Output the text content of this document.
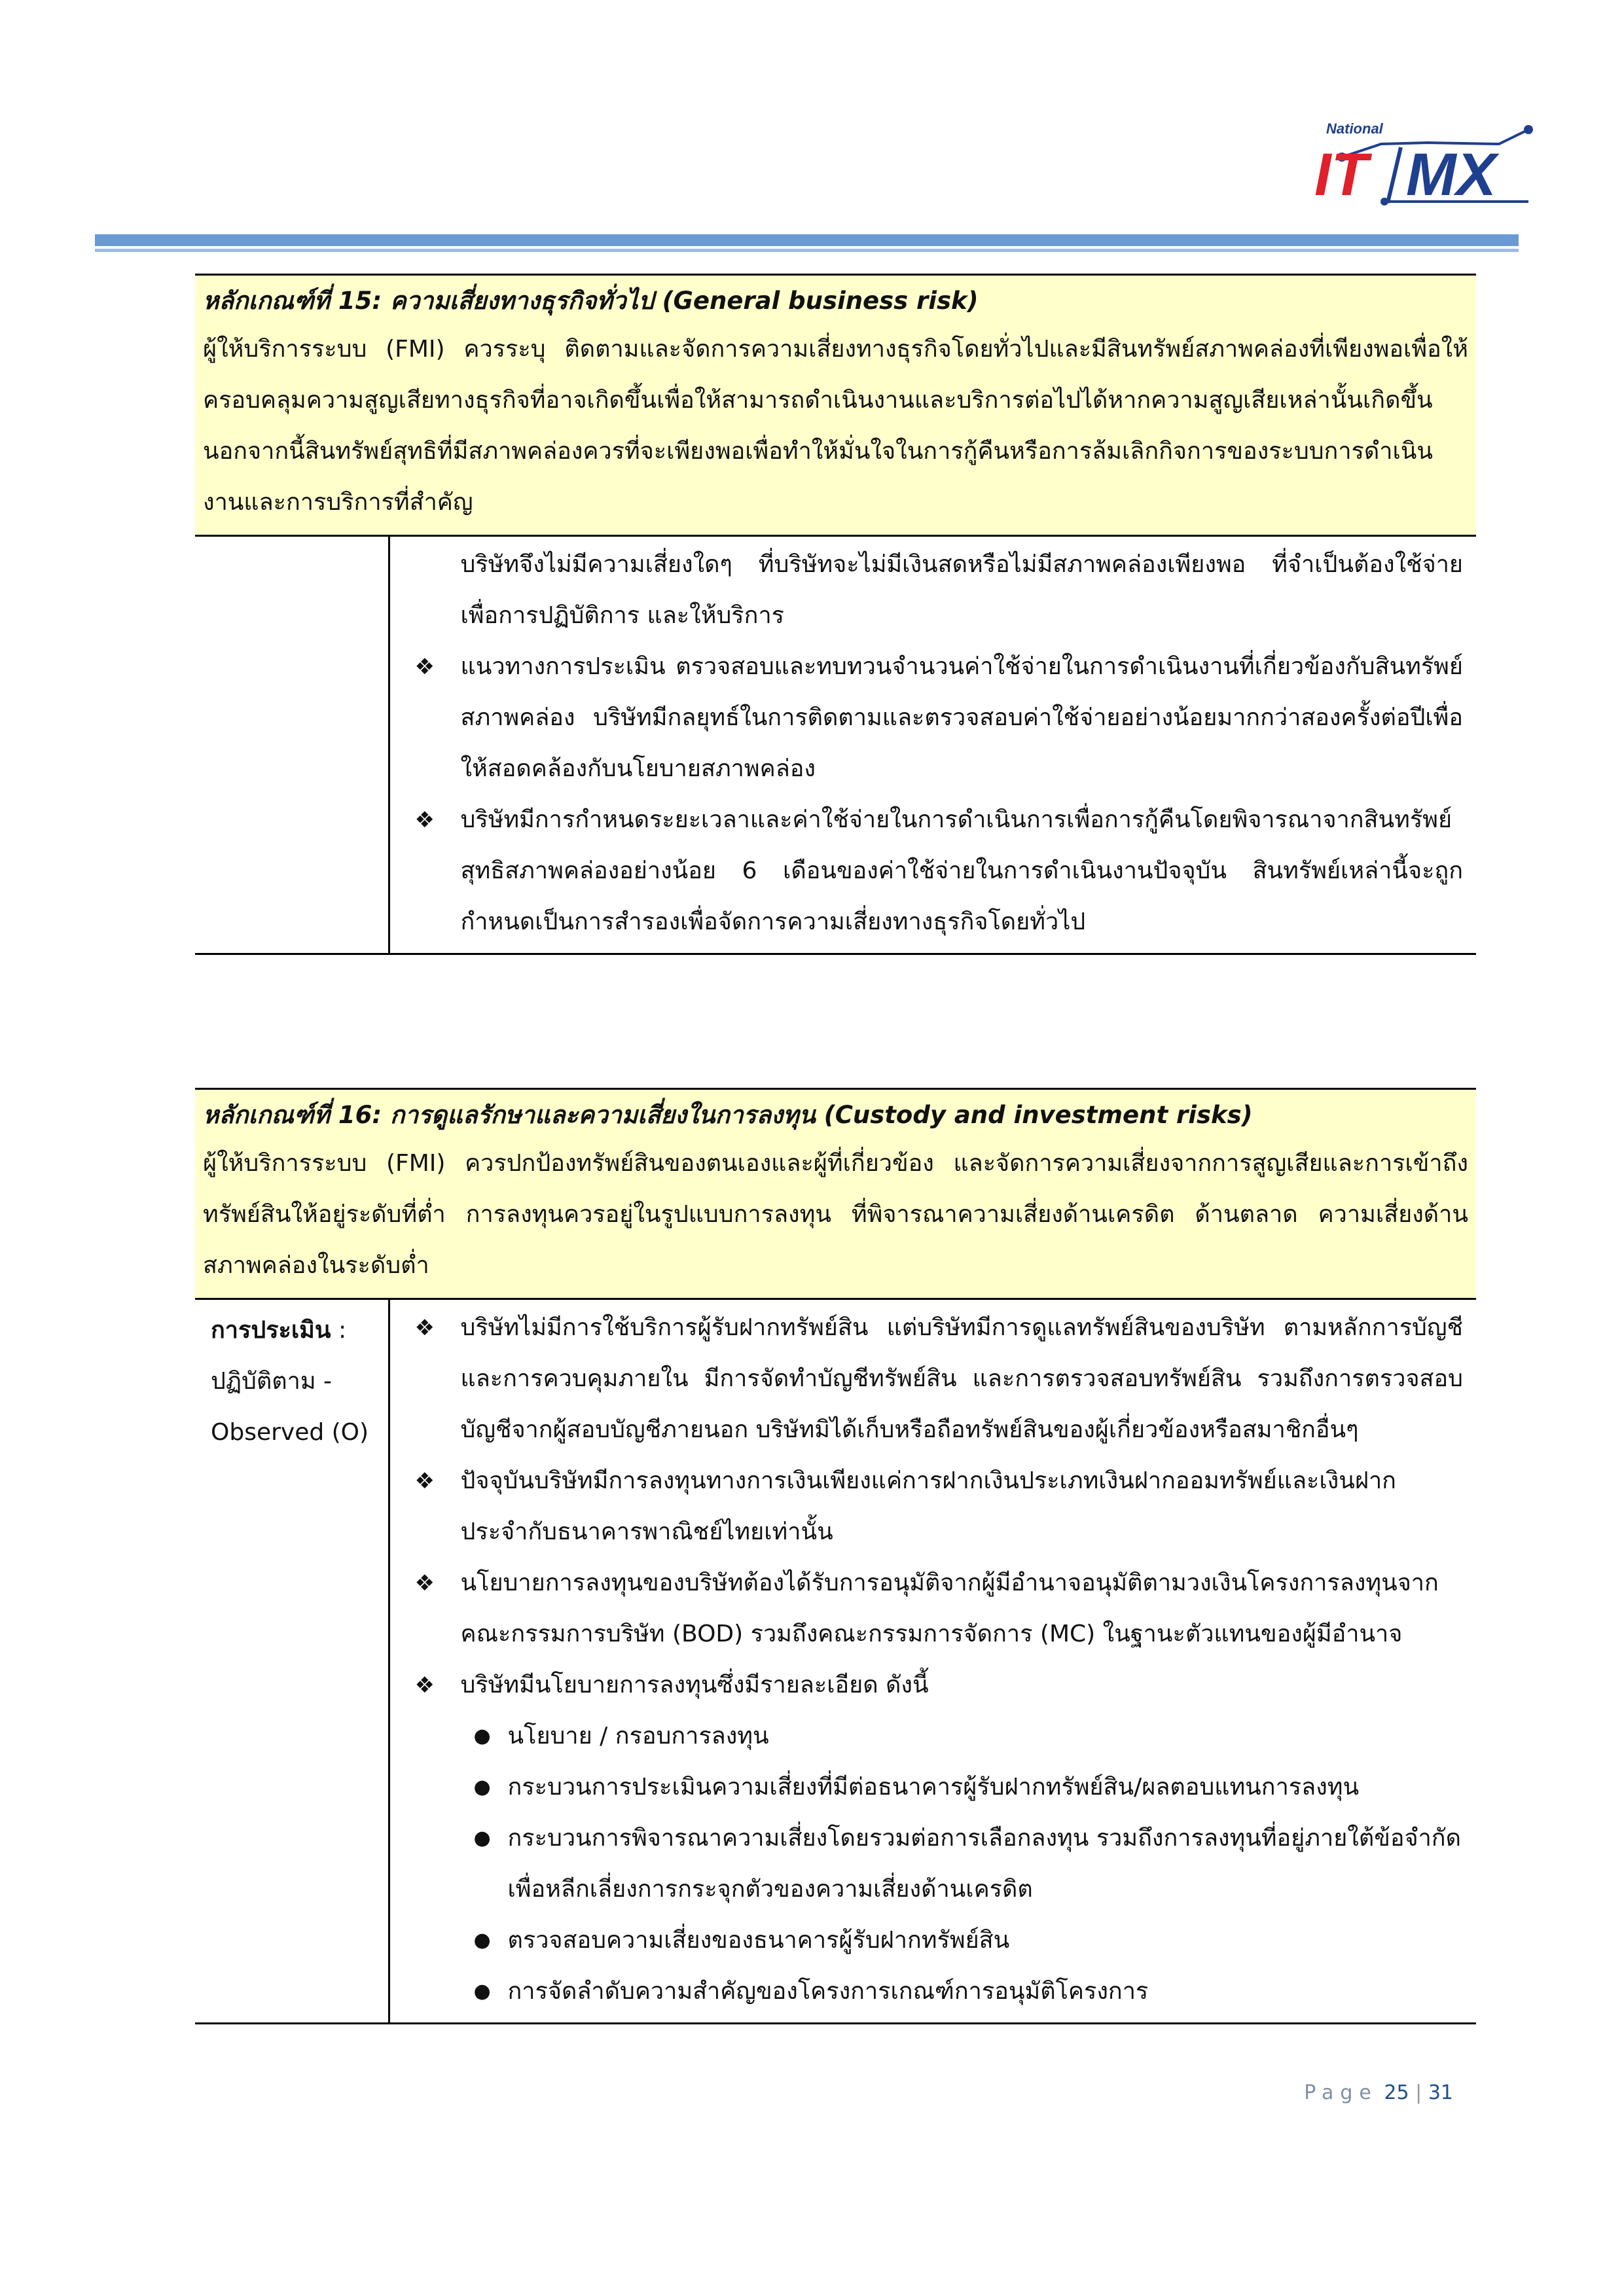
National
IT MX
หลักเกณฑ์ที่ 15: ความเสี่ยงทางธุรกิจทั่วไป (General business risk)
ผู้ให้บริการระบบ (FMI) ควรระบุ ติดตามและจัดการความเสี่ยงทางธุรกิจโดยทั่วไปและมีสินทรัพย์สภาพคล่องที่เพียงพอเพื่อให้ครอบคลุมความสูญเสียทางธุรกิจที่อาจเกิดขึ้นเพื่อให้สามารถดำเนินงานและบริการต่อไปได้หากความสูญเสียเหล่านั้นเกิดขึ้น นอกจากนี้สินทรัพย์สุทธิที่มีสภาพคล่องควรที่จะเพียงพอเพื่อทำให้มั่นใจในการกู้คืนหรือการล้มเลิกกิจการของระบบการดำเนินงานและการบริการที่สำคัญ

บริษัทจึงไม่มีความเสี่ยงใดๆ ที่บริษัทจะไม่มีเงินสดหรือไม่มีสภาพคล่องเพียงพอ ที่จำเป็นต้องใช้จ่ายเพื่อการปฏิบัติการ และให้บริการ
❖ แนวทางการประเมิน ตรวจสอบและทบทวนจำนวนค่าใช้จ่ายในการดำเนินงานที่เกี่ยวข้องกับสินทรัพย์สภาพคล่อง บริษัทมีกลยุทธ์ในการติดตามและตรวจสอบค่าใช้จ่ายอย่างน้อยมากกว่าสองครั้งต่อปีเพื่อให้สอดคล้องกับนโยบายสภาพคล่อง
❖ บริษัทมีการกำหนดระยะเวลาและค่าใช้จ่ายในการดำเนินการเพื่อการกู้คืนโดยพิจารณาจากสินทรัพย์สุทธิสภาพคล่องอย่างน้อย 6 เดือนของค่าใช้จ่ายในการดำเนินงานปัจจุบัน สินทรัพย์เหล่านี้จะถูกกำหนดเป็นการสำรองเพื่อจัดการความเสี่ยงทางธุรกิจโดยทั่วไป
หลักเกณฑ์ที่ 16: การดูแลรักษาและความเสี่ยงในการลงทุน (Custody and investment risks)
ผู้ให้บริการระบบ (FMI) ควรปกป้องทรัพย์สินของตนเองและผู้ที่เกี่ยวข้อง และจัดการความเสี่ยงจากการสูญเสียและการเข้าถึงทรัพย์สินให้อยู่ระดับที่ต่ำ การลงทุนควรอยู่ในรูปแบบการลงทุน ที่พิจารณาความเสี่ยงด้านเครดิต ด้านตลาด ความเสี่ยงด้านสภาพคล่องในระดับต่ำ

การประเมิน :
ปฏิบัติตาม -
Observed (O)

❖ บริษัทไม่มีการใช้บริการผู้รับฝากทรัพย์สิน แต่บริษัทมีการดูแลทรัพย์สินของบริษัท ตามหลักการบัญชีและการควบคุมภายใน มีการจัดทำบัญชีทรัพย์สิน และการตรวจสอบทรัพย์สิน รวมถึงการตรวจสอบบัญชีจากผู้สอบบัญชีภายนอก บริษัทมิได้เก็บหรือถือทรัพย์สินของผู้เกี่ยวข้องหรือสมาชิกอื่นๆ
❖ ปัจจุบันบริษัทมีการลงทุนทางการเงินเพียงแค่การฝากเงินประเภทเงินฝากออมทรัพย์และเงินฝากประจำกับธนาคารพาณิชย์ไทยเท่านั้น
❖ นโยบายการลงทุนของบริษัทต้องได้รับการอนุมัติจากผู้มีอำนาจอนุมัติตามวงเงินโครงการลงทุนจากคณะกรรมการบริษัท (BOD) รวมถึงคณะกรรมการจัดการ (MC) ในฐานะตัวแทนของผู้มีอำนาจ
❖ บริษัทมีนโยบายการลงทุนซึ่งมีรายละเอียด ดังนี้
● นโยบาย / กรอบการลงทุน
● กระบวนการประเมินความเสี่ยงที่มีต่อธนาคารผู้รับฝากทรัพย์สิน/ผลตอบแทนการลงทุน
● กระบวนการพิจารณาความเสี่ยงโดยรวมต่อการเลือกลงทุน รวมถึงการลงทุนที่อยู่ภายใต้ข้อจำกัดเพื่อหลีกเลี่ยงการกระจุกตัวของความเสี่ยงด้านเครดิต
● ตรวจสอบความเสี่ยงของธนาคารผู้รับฝากทรัพย์สิน
● การจัดลำดับความสำคัญของโครงการเกณฑ์การอนุมัติโครงการ
Page 25 | 31
